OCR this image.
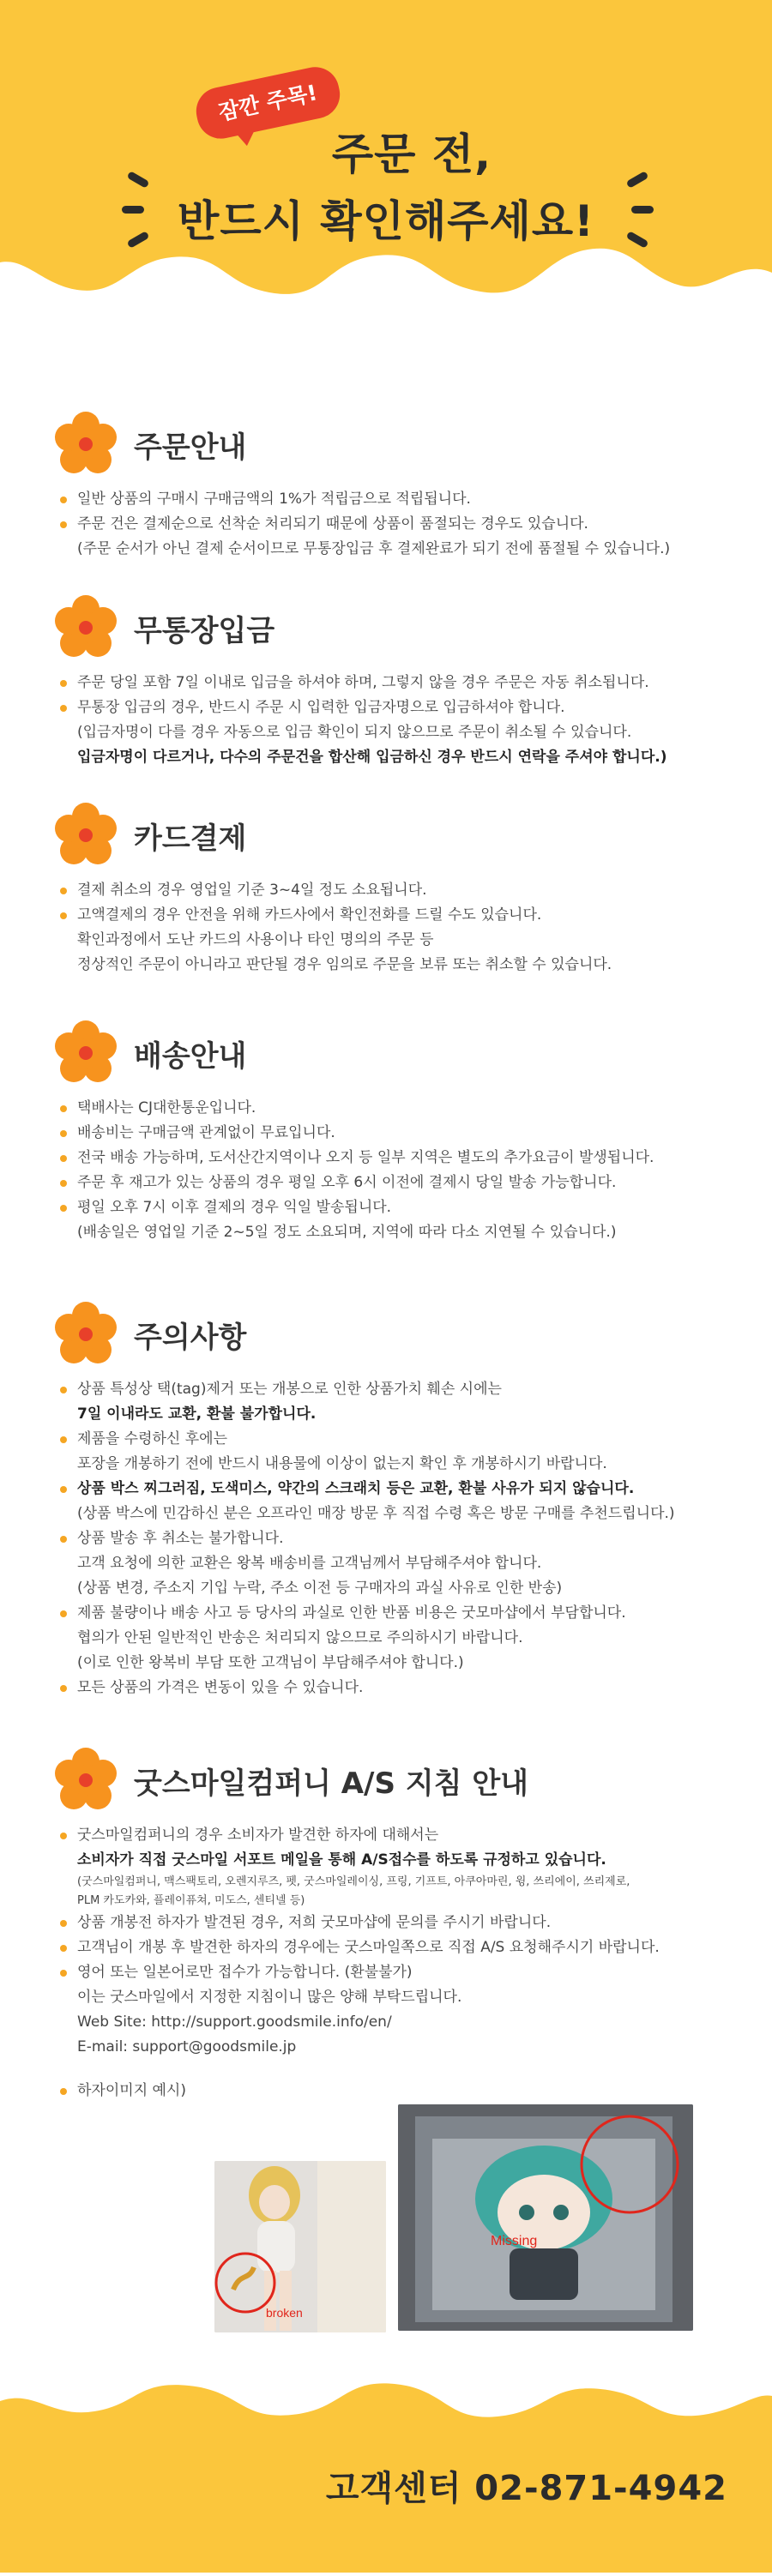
잠깐 주목!
주문 전,
반드시 확인해주세요!
주문안내
일반 상품의 구매시 구매금액의 1%가 적립금으로 적립됩니다.
주문 건은 결제순으로 선착순 처리되기 때문에 상품이 품절되는 경우도 있습니다.
(주문 순서가 아닌 결제 순서이므로 무통장입금 후 결제완료가 되기 전에 품절될 수 있습니다.)
무통장입금
주문 당일 포함 7일 이내로 입금을 하셔야 하며, 그렇지 않을 경우 주문은 자동 취소됩니다.
무통장 입금의 경우, 반드시 주문 시 입력한 입금자명으로 입금하셔야 합니다.
(입금자명이 다를 경우 자동으로 입금 확인이 되지 않으므로 주문이 취소될 수 있습니다.
입금자명이 다르거나, 다수의 주문건을 합산해 입금하신 경우 반드시 연락을 주셔야 합니다.)
카드결제
결제 취소의 경우 영업일 기준 3~4일 정도 소요됩니다.
고액결제의 경우 안전을 위해 카드사에서 확인전화를 드릴 수도 있습니다.
확인과정에서 도난 카드의 사용이나 타인 명의의 주문 등
정상적인 주문이 아니라고 판단될 경우 임의로 주문을 보류 또는 취소할 수 있습니다.
배송안내
택배사는 CJ대한통운입니다.
배송비는 구매금액 관계없이 무료입니다.
전국 배송 가능하며, 도서산간지역이나 오지 등 일부 지역은 별도의 추가요금이 발생됩니다.
주문 후 재고가 있는 상품의 경우 평일 오후 6시 이전에 결제시 당일 발송 가능합니다.
평일 오후 7시 이후 결제의 경우 익일 발송됩니다.
(배송일은 영업일 기준 2~5일 정도 소요되며, 지역에 따라 다소 지연될 수 있습니다.)
주의사항
상품 특성상 택(tag)제거 또는 개봉으로 인한 상품가치 훼손 시에는
7일 이내라도 교환, 환불 불가합니다.
제품을 수령하신 후에는
포장을 개봉하기 전에 반드시 내용물에 이상이 없는지 확인 후 개봉하시기 바랍니다.
상품 박스 찌그러짐, 도색미스, 약간의 스크래치 등은 교환, 환불 사유가 되지 않습니다.
(상품 박스에 민감하신 분은 오프라인 매장 방문 후 직접 수령 혹은 방문 구매를 추천드립니다.)
상품 발송 후 취소는 불가합니다.
고객 요청에 의한 교환은 왕복 배송비를 고객님께서 부담해주셔야 합니다.
(상품 변경, 주소지 기입 누락, 주소 이전 등 구매자의 과실 사유로 인한 반송)
제품 불량이나 배송 사고 등 당사의 과실로 인한 반품 비용은 굿모마샵에서 부담합니다.
협의가 안된 일반적인 반송은 처리되지 않으므로 주의하시기 바랍니다.
(이로 인한 왕복비 부담 또한 고객님이 부담해주셔야 합니다.)
모든 상품의 가격은 변동이 있을 수 있습니다.
굿스마일컴퍼니 A/S 지침 안내
굿스마일컴퍼니의 경우 소비자가 발견한 하자에 대해서는
소비자가 직접 굿스마일 서포트 메일을 통해 A/S접수를 하도록 규정하고 있습니다.
(굿스마일컴퍼니, 맥스팩토리, 오렌지루즈, 펫, 굿스마일레이싱, 프링, 기프트, 아쿠아마린, 윙, 쓰리에이, 쓰리제로,
PLM 카도카와, 플레이퓨쳐, 미도스, 센티넬 등)
상품 개봉전 하자가 발견된 경우, 저희 굿모마샵에 문의를 주시기 바랍니다.
고객님이 개봉 후 발견한 하자의 경우에는 굿스마일쪽으로 직접 A/S 요청해주시기 바랍니다.
영어 또는 일본어로만 접수가 가능합니다. (환불불가)
이는 굿스마일에서 지정한 지침이니 많은 양해 부탁드립니다.
Web Site: http://support.goodsmile.info/en/
E-mail: support@goodsmile.jp
하자이미지 예시)
broken
Missing
고객센터 02-871-4942
